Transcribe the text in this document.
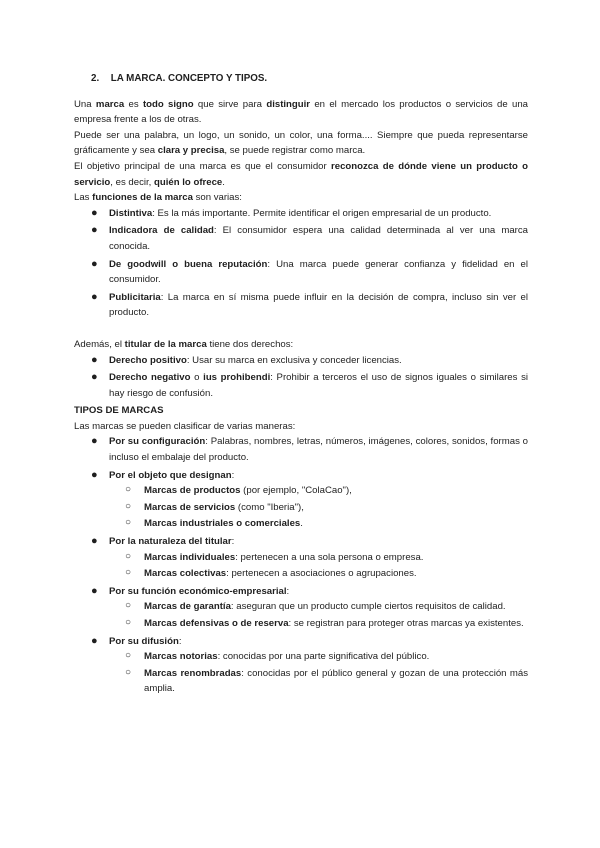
2. LA MARCA. CONCEPTO Y TIPOS.

Una marca es todo signo que sirve para distinguir en el mercado los productos o servicios de una empresa frente a los de otras.

Puede ser una palabra, un logo, un sonido, un color, una forma.... Siempre que pueda representarse gráficamente y sea clara y precisa, se puede registrar como marca.

El objetivo principal de una marca es que el consumidor reconozca de dónde viene un producto o servicio, es decir, quién lo ofrece.

Las funciones de la marca son varias:

● Distintiva: Es la más importante. Permite identificar el origen empresarial de un producto.
● Indicadora de calidad: El consumidor espera una calidad determinada al ver una marca conocida.
● De goodwill o buena reputación: Una marca puede generar confianza y fidelidad en el consumidor.
● Publicitaria: La marca en sí misma puede influir en la decisión de compra, incluso sin ver el producto.

Además, el titular de la marca tiene dos derechos:

● Derecho positivo: Usar su marca en exclusiva y conceder licencias.
● Derecho negativo o ius prohibendi: Prohibir a terceros el uso de signos iguales o similares si hay riesgo de confusión.

TIPOS DE MARCAS

Las marcas se pueden clasificar de varias maneras:

● Por su configuración: Palabras, nombres, letras, números, imágenes, colores, sonidos, formas o incluso el embalaje del producto.
● Por el objeto que designan:
○ Marcas de productos (por ejemplo, "ColaCao"),
○ Marcas de servicios (como "Iberia"),
○ Marcas industriales o comerciales.
● Por la naturaleza del titular:
○ Marcas individuales: pertenecen a una sola persona o empresa.
○ Marcas colectivas: pertenecen a asociaciones o agrupaciones.
● Por su función económico-empresarial:
○ Marcas de garantía: aseguran que un producto cumple ciertos requisitos de calidad.
○ Marcas defensivas o de reserva: se registran para proteger otras marcas ya existentes.
● Por su difusión:
○ Marcas notorias: conocidas por una parte significativa del público.
○ Marcas renombradas: conocidas por el público general y gozan de una protección más amplia.
